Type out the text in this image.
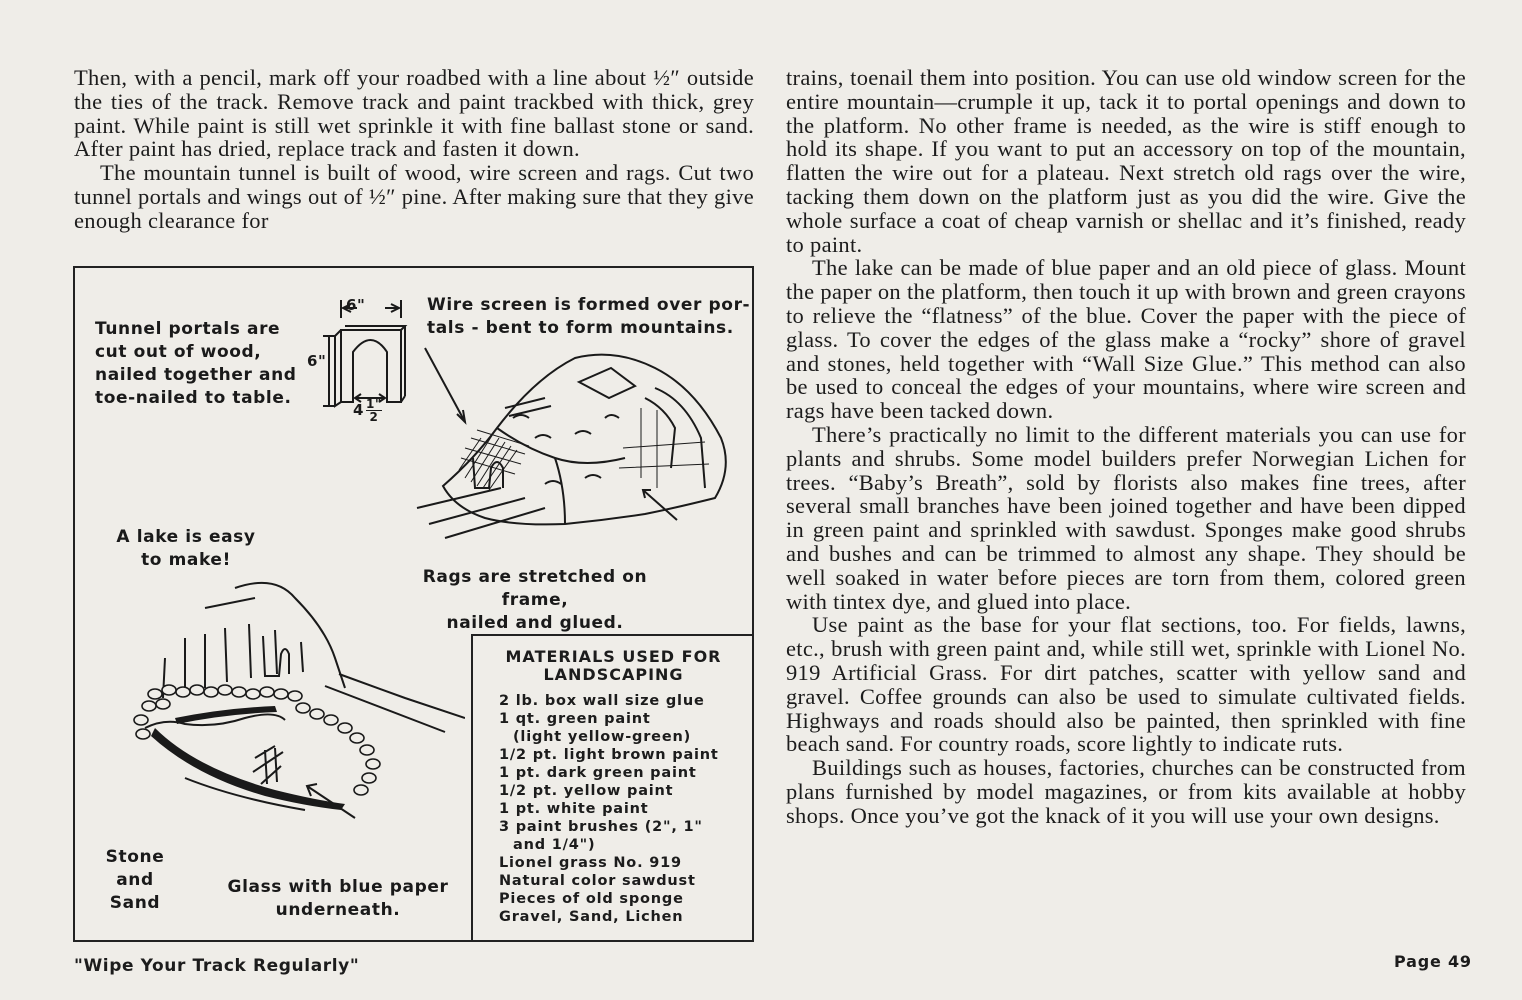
Then, with a pencil, mark off your roadbed with a line about ½″ outside the ties of the track. Remove track and paint trackbed with thick, grey paint. While paint is still wet sprinkle it with fine ballast stone or sand. After paint has dried, replace track and fasten it down.

The mountain tunnel is built of wood, wire screen and rags. Cut two tunnel portals and wings out of ½″ pine. After making sure that they give enough clearance for

trains, toenail them into position. You can use old window screen for the entire mountain—crumple it up, tack it to portal openings and down to the platform. No other frame is needed, as the wire is stiff enough to hold its shape. If you want to put an accessory on top of the mountain, flatten the wire out for a plateau. Next stretch old rags over the wire, tacking them down on the platform just as you did the wire. Give the whole surface a coat of cheap varnish or shellac and it’s finished, ready to paint.

The lake can be made of blue paper and an old piece of glass. Mount the paper on the platform, then touch it up with brown and green crayons to relieve the “flatness” of the blue. Cover the paper with the piece of glass. To cover the edges of the glass make a “rocky” shore of gravel and stones, held together with “Wall Size Glue.” This method can also be used to conceal the edges of your mountains, where wire screen and rags have been tacked down.

There’s practically no limit to the different materials you can use for plants and shrubs. Some model builders prefer Norwegian Lichen for trees. “Baby’s Breath”, sold by florists also makes fine trees, after several small branches have been joined together and have been dipped in green paint and sprinkled with sawdust. Sponges make good shrubs and bushes and can be trimmed to almost any shape. They should be well soaked in water before pieces are torn from them, colored green with tintex dye, and glued into place.

Use paint as the base for your flat sections, too. For fields, lawns, etc., brush with green paint and, while still wet, sprinkle with Lionel No. 919 Artificial Grass. For dirt patches, scatter with yellow sand and gravel. Coffee grounds can also be used to simulate cultivated fields. Highways and roads should also be painted, then sprinkled with fine beach sand. For country roads, score lightly to indicate ruts.

Buildings such as houses, factories, churches can be constructed from plans furnished by model magazines, or from kits available at hobby shops. Once you’ve got the knack of it you will use your own designs.

Tunnel portals are
cut out of wood,
nailed together and
toe-nailed to table.
6"
6"
$4 \frac{1"}{2}$
Wire screen is formed over por-
tals - bent to form mountains.
Rags are stretched on frame,
nailed and glued.
A lake is easy
to make!
Stone
and
Sand
Glass with blue paper
underneath.
MATERIALS USED FOR
LANDSCAPING
2 lb. box wall size glue
1 qt. green paint
(light yellow-green)
1/2 pt. light brown paint
1 pt. dark green paint
1/2 pt. yellow paint
1 pt. white paint
3 paint brushes (2", 1"
and 1/4")
Lionel grass No. 919
Natural color sawdust
Pieces of old sponge
Gravel, Sand, Lichen
"Wipe Your Track Regularly"	Page 49
